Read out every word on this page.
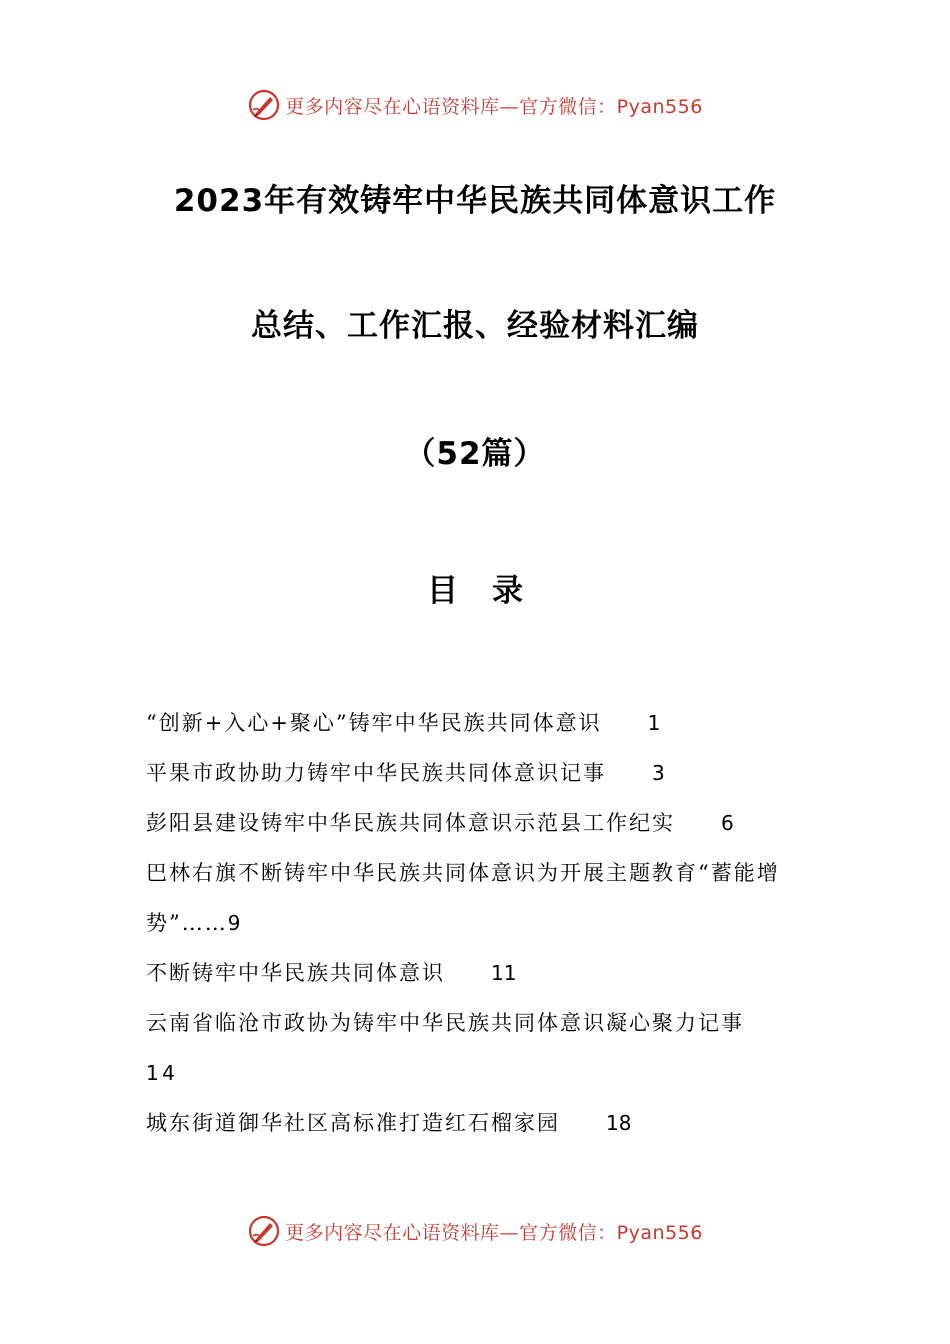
更多内容尽在心语资料库—官方微信：Pyan556
2023年有效铸牢中华民族共同体意识工作
总结、工作汇报、经验材料汇编
（52篇）
目录
“创新+入心+聚心”铸牢中华民族共同体意识 1
平果市政协助力铸牢中华民族共同体意识记事 3
彭阳县建设铸牢中华民族共同体意识示范县工作纪实 6
巴林右旗不断铸牢中华民族共同体意识为开展主题教育“蓄能增势”……9
不断铸牢中华民族共同体意识 11
云南省临沧市政协为铸牢中华民族共同体意识凝心聚力记事14
城东街道御华社区高标准打造红石榴家园 18
更多内容尽在心语资料库—官方微信：Pyan556
